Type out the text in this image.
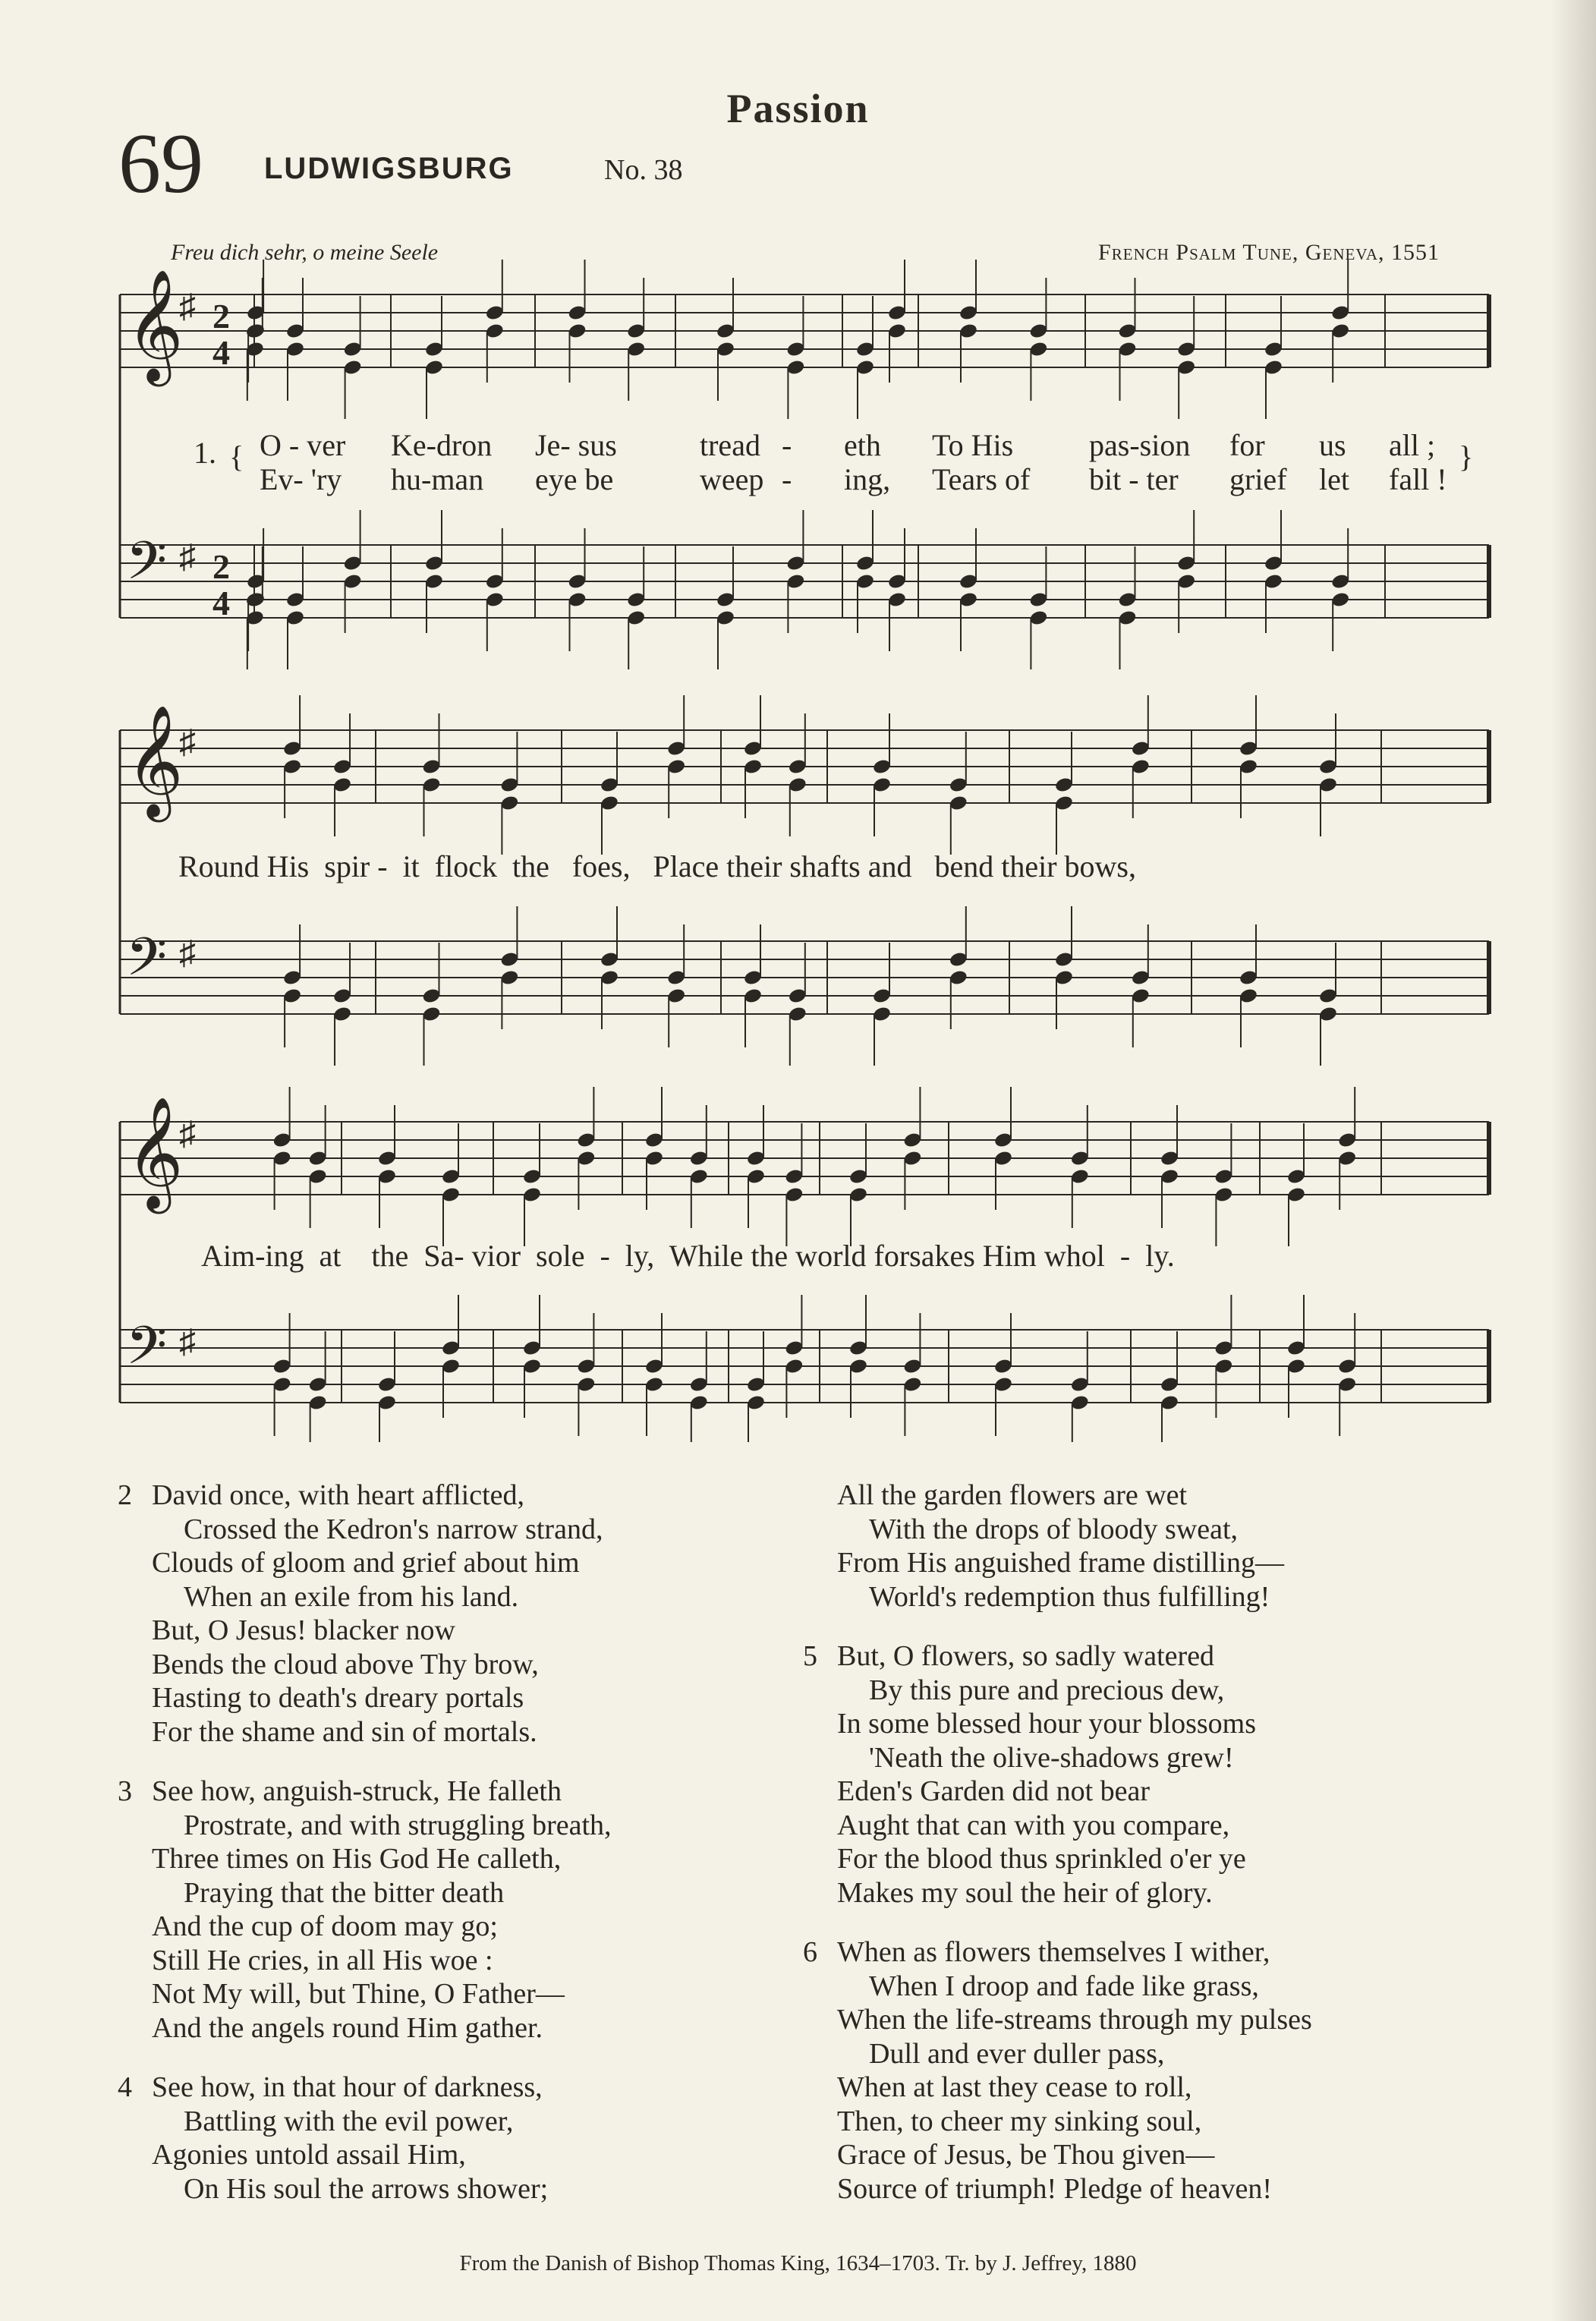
Passion
69 LUDWIGSBURG	No. 38
Freu dich sehr, o meine Seele	French Psalm Tune, Geneva, 1551
𝄞
♯ 2
4
𝄢 ♯ 2
4
𝄞
♯
𝄢 ♯
𝄞
♯
𝄢 ♯
1. {	}
O - ver Ke-dron Je- sus	tread - eth To His pas-sion for us all ;
Ev- 'ry hu-man eye be	weep - ing, Tears of bit - ter grief let fall !
Round His  spir -  it  flock  the   foes,   Place their shafts and   bend their bows,
Aim-ing  at    the  Sa- vior  sole  -  ly,  While the world forsakes Him whol  -  ly.
2 David once, with heart afflicted,
Crossed the Kedron's narrow strand,
Clouds of gloom and grief about him
When an exile from his land.
But, O Jesus! blacker now
Bends the cloud above Thy brow,
Hasting to death's dreary portals
For the shame and sin of mortals.
3 See how, anguish-struck, He falleth
Prostrate, and with struggling breath,
Three times on His God He calleth,
Praying that the bitter death
And the cup of doom may go;
Still He cries, in all His woe :
Not My will, but Thine, O Father—
And the angels round Him gather.
4 See how, in that hour of darkness,
Battling with the evil power,
Agonies untold assail Him,
On His soul the arrows shower;
All the garden flowers are wet
With the drops of bloody sweat,
From His anguished frame distilling—
World's redemption thus fulfilling!
5 But, O flowers, so sadly watered
By this pure and precious dew,
In some blessed hour your blossoms
'Neath the olive-shadows grew!
Eden's Garden did not bear
Aught that can with you compare,
For the blood thus sprinkled o'er ye
Makes my soul the heir of glory.
6 When as flowers themselves I wither,
When I droop and fade like grass,
When the life-streams through my pulses
Dull and ever duller pass,
When at last they cease to roll,
Then, to cheer my sinking soul,
Grace of Jesus, be Thou given—
Source of triumph! Pledge of heaven!
From the Danish of Bishop Thomas King, 1634–1703. Tr. by J. Jeffrey, 1880
